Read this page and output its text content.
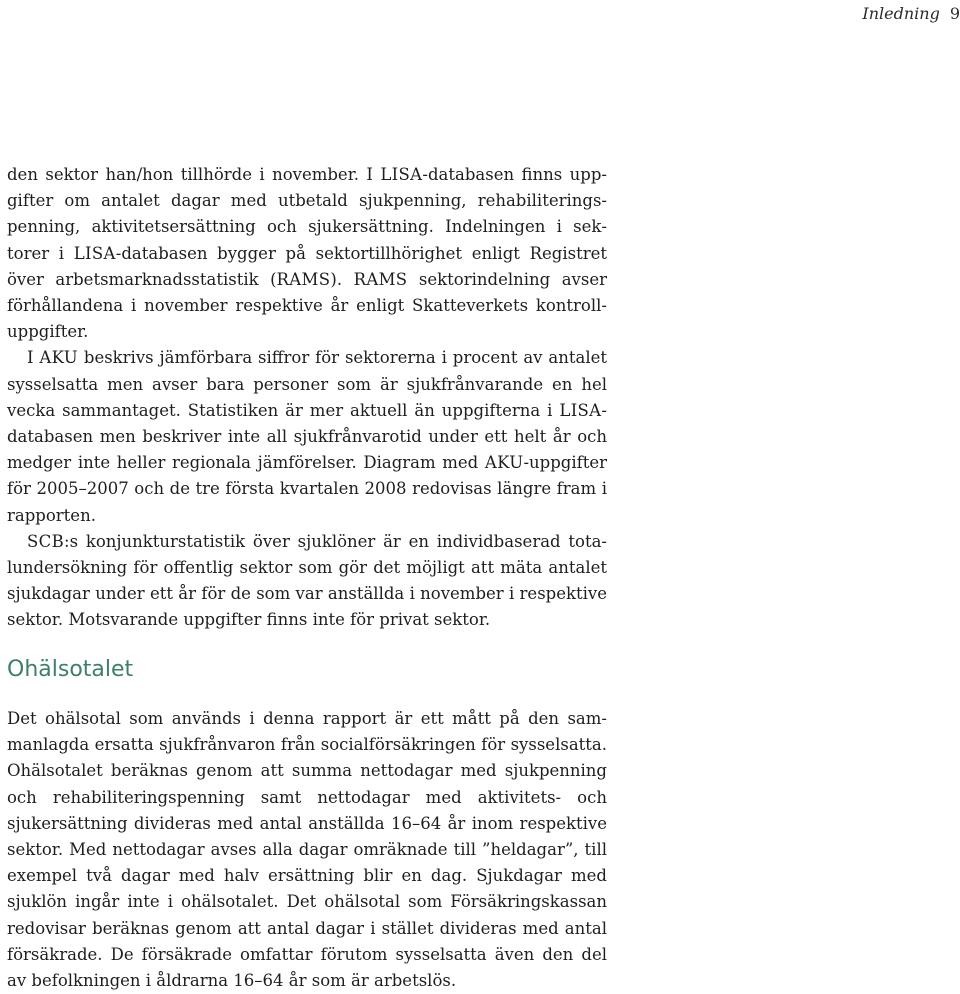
Inledning 9

den sektor han/hon tillhörde i november. I LISA-databasen finns uppgifter om antalet dagar med utbetald sjukpenning, rehabiliteringspenning, aktivitetsersättning och sjukersättning. Indelningen i sektorer i LISA-databasen bygger på sektortillhörighet enligt Registret över arbetsmarknadsstatistik (RAMS). RAMS sektorindelning avser förhållandena i november respektive år enligt Skatteverkets kontrolluppgifter.

I AKU beskrivs jämförbara siffror för sektorerna i procent av antalet sysselsatta men avser bara personer som är sjukfrånvarande en hel vecka sammantaget. Statistiken är mer aktuell än uppgifterna i LISA-databasen men beskriver inte all sjukfrånvarotid under ett helt år och medger inte heller regionala jämförelser. Diagram med AKU-uppgifter för 2005–2007 och de tre första kvartalen 2008 redovisas längre fram i rapporten.

SCB:s konjunkturstatistik över sjuklöner är en individbaserad totalundersökning för offentlig sektor som gör det möjligt att mäta antalet sjukdagar under ett år för de som var anställda i november i respektive sektor. Motsvarande uppgifter finns inte för privat sektor.

Ohälsotalet

Det ohälsotal som används i denna rapport är ett mått på den sammanlagda ersatta sjukfrånvaron från socialförsäkringen för sysselsatta. Ohälsotalet beräknas genom att summa nettodagar med sjukpenning och rehabiliteringspenning samt nettodagar med aktivitets- och sjukersättning divideras med antal anställda 16–64 år inom respektive sektor. Med nettodagar avses alla dagar omräknade till ”heldagar”, till exempel två dagar med halv ersättning blir en dag. Sjukdagar med sjuklön ingår inte i ohälsotalet. Det ohälsotal som Försäkringskassan redovisar beräknas genom att antal dagar i stället divideras med antal försäkrade. De försäkrade omfattar förutom sysselsatta även den del av befolkningen i åldrarna 16–64 år som är arbetslös.
